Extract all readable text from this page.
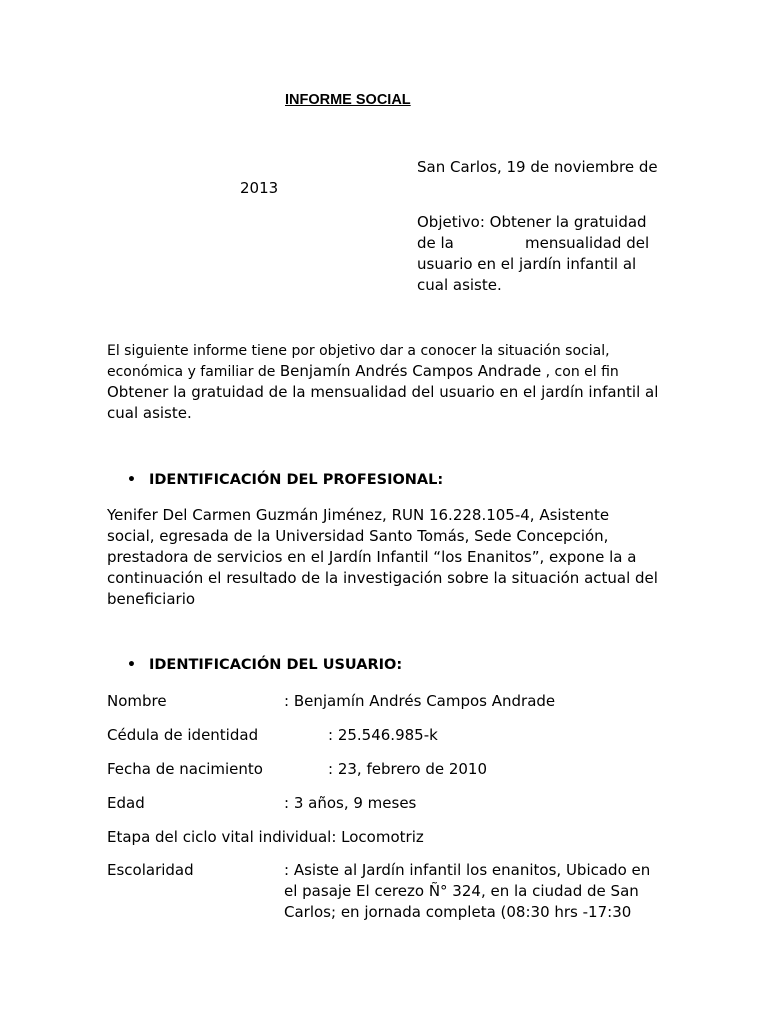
INFORME SOCIAL
San Carlos, 19 de noviembre de
2013
Objetivo: Obtener la gratuidad
de la	mensualidad del
usuario en el jardín infantil al
cual asiste.
El siguiente informe tiene por objetivo dar a conocer la situación social,
económica y familiar de Benjamín Andrés Campos Andrade , con el fin
Obtener la gratuidad de la mensualidad del usuario en el jardín infantil al
cual asiste.
• IDENTIFICACIÓN DEL PROFESIONAL:
Yenifer Del Carmen Guzmán Jiménez, RUN 16.228.105-4, Asistente
social, egresada de la Universidad Santo Tomás, Sede Concepción,
prestadora de servicios en el Jardín Infantil “los Enanitos”, expone la a
continuación el resultado de la investigación sobre la situación actual del
beneficiario
• IDENTIFICACIÓN DEL USUARIO:
Nombre	: Benjamín Andrés Campos Andrade
Cédula de identidad	: 25.546.985-k
Fecha de nacimiento	: 23, febrero de 2010
Edad	: 3 años, 9 meses
Etapa del ciclo vital individual: Locomotriz
Escolaridad	: Asiste al Jardín infantil los enanitos, Ubicado en
el pasaje El cerezo Ñ° 324, en la ciudad de San
Carlos; en jornada completa (08:30 hrs -17:30
